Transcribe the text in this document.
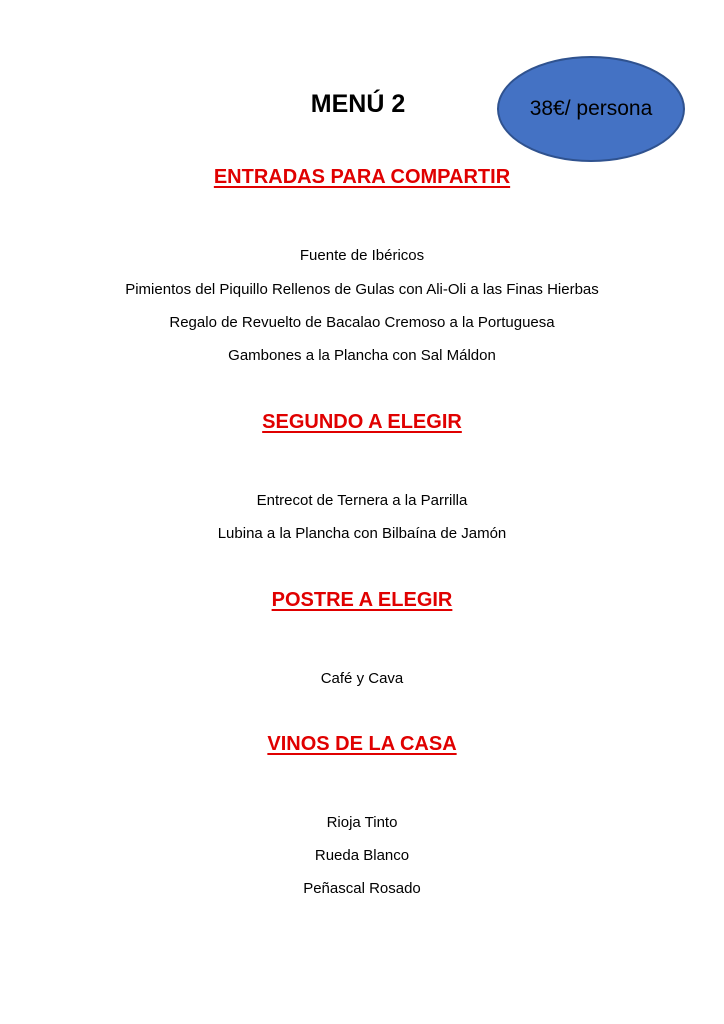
MENÚ 2	38€/ persona
ENTRADAS PARA COMPARTIR

Fuente de Ibéricos

Pimientos del Piquillo Rellenos de Gulas con Ali-Oli a las Finas Hierbas

Regalo de Revuelto de Bacalao Cremoso a la Portuguesa

Gambones a la Plancha con Sal Máldon

SEGUNDO A ELEGIR

Entrecot de Ternera a la Parrilla

Lubina a la Plancha con Bilbaína de Jamón

POSTRE A ELEGIR

Café y Cava

VINOS DE LA CASA

Rioja Tinto

Rueda Blanco

Peñascal Rosado
